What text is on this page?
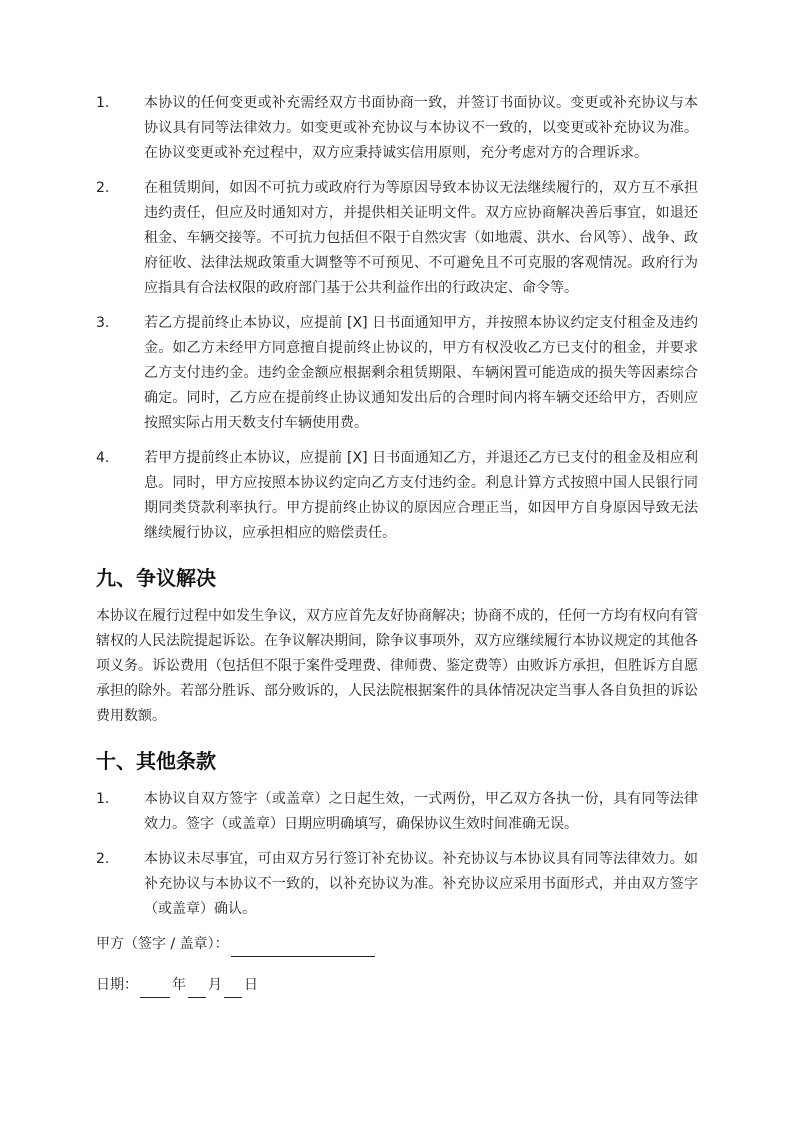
1.	本协议的任何变更或补充需经双方书面协商一致，并签订书面协议。变更或补充协议与本协议具有同等法律效力。如变更或补充协议与本协议不一致的，以变更或补充协议为准。在协议变更或补充过程中，双方应秉持诚实信用原则，充分考虑对方的合理诉求。
2.	在租赁期间，如因不可抗力或政府行为等原因导致本协议无法继续履行的，双方互不承担违约责任，但应及时通知对方，并提供相关证明文件。双方应协商解决善后事宜，如退还租金、车辆交接等。不可抗力包括但不限于自然灾害（如地震、洪水、台风等）、战争、政府征收、法律法规政策重大调整等不可预见、不可避免且不可克服的客观情况。政府行为应指具有合法权限的政府部门基于公共利益作出的行政决定、命令等。
3.	若乙方提前终止本协议，应提前 [X] 日书面通知甲方，并按照本协议约定支付租金及违约金。如乙方未经甲方同意擅自提前终止协议的，甲方有权没收乙方已支付的租金，并要求乙方支付违约金。违约金金额应根据剩余租赁期限、车辆闲置可能造成的损失等因素综合确定。同时，乙方应在提前终止协议通知发出后的合理时间内将车辆交还给甲方，否则应按照实际占用天数支付车辆使用费。
4.	若甲方提前终止本协议，应提前 [X] 日书面通知乙方，并退还乙方已支付的租金及相应利息。同时，甲方应按照本协议约定向乙方支付违约金。利息计算方式按照中国人民银行同期同类贷款利率执行。甲方提前终止协议的原因应合理正当，如因甲方自身原因导致无法继续履行协议，应承担相应的赔偿责任。
九、争议解决

本协议在履行过程中如发生争议，双方应首先友好协商解决；协商不成的，任何一方均有权向有管辖权的人民法院提起诉讼。在争议解决期间，除争议事项外，双方应继续履行本协议规定的其他各项义务。诉讼费用（包括但不限于案件受理费、律师费、鉴定费等）由败诉方承担，但胜诉方自愿承担的除外。若部分胜诉、部分败诉的，人民法院根据案件的具体情况决定当事人各自负担的诉讼费用数额。

十、其他条款
1.	本协议自双方签字（或盖章）之日起生效，一式两份，甲乙双方各执一份，具有同等法律效力。签字（或盖章）日期应明确填写，确保协议生效时间准确无误。
2.	本协议未尽事宜，可由双方另行签订补充协议。补充协议与本协议具有同等法律效力。如补充协议与本协议不一致的，以补充协议为准。补充协议应采用书面形式，并由双方签字（或盖章）确认。
甲方（签字 / 盖章）：
日期： 年 月 日
